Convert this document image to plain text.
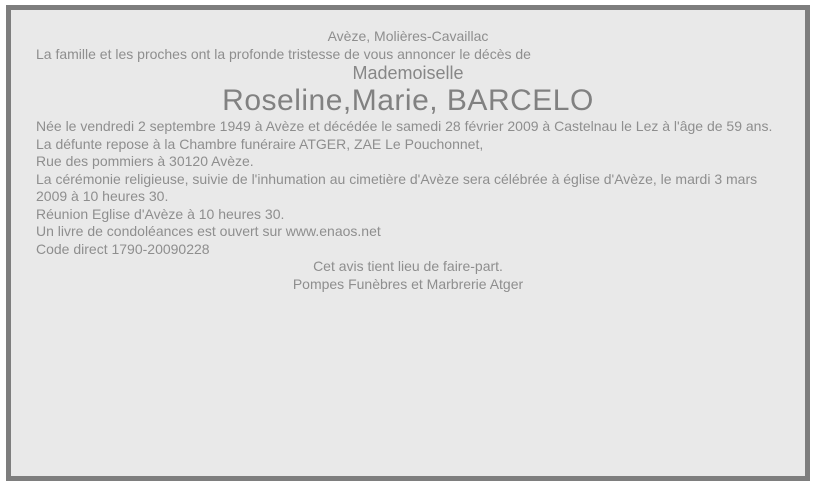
Avèze, Molières-Cavaillac

La famille et les proches ont la profonde tristesse de vous annoncer le décès de

Mademoiselle

Roseline,Marie, BARCELO

Née le vendredi 2 septembre 1949 à Avèze et décédée le samedi 28 février 2009 à Castelnau le Lez à l'âge de 59 ans.

La défunte repose à la Chambre funéraire ATGER, ZAE Le Pouchonnet,

Rue des pommiers à 30120 Avèze.

La cérémonie religieuse, suivie de l'inhumation au cimetière d'Avèze sera célébrée à église d'Avèze, le mardi 3 mars 2009 à 10 heures 30.

Réunion Eglise d'Avèze à 10 heures 30.

Un livre de condoléances est ouvert sur www.enaos.net

Code direct 1790-20090228

Cet avis tient lieu de faire-part.

Pompes Funèbres et Marbrerie Atger
